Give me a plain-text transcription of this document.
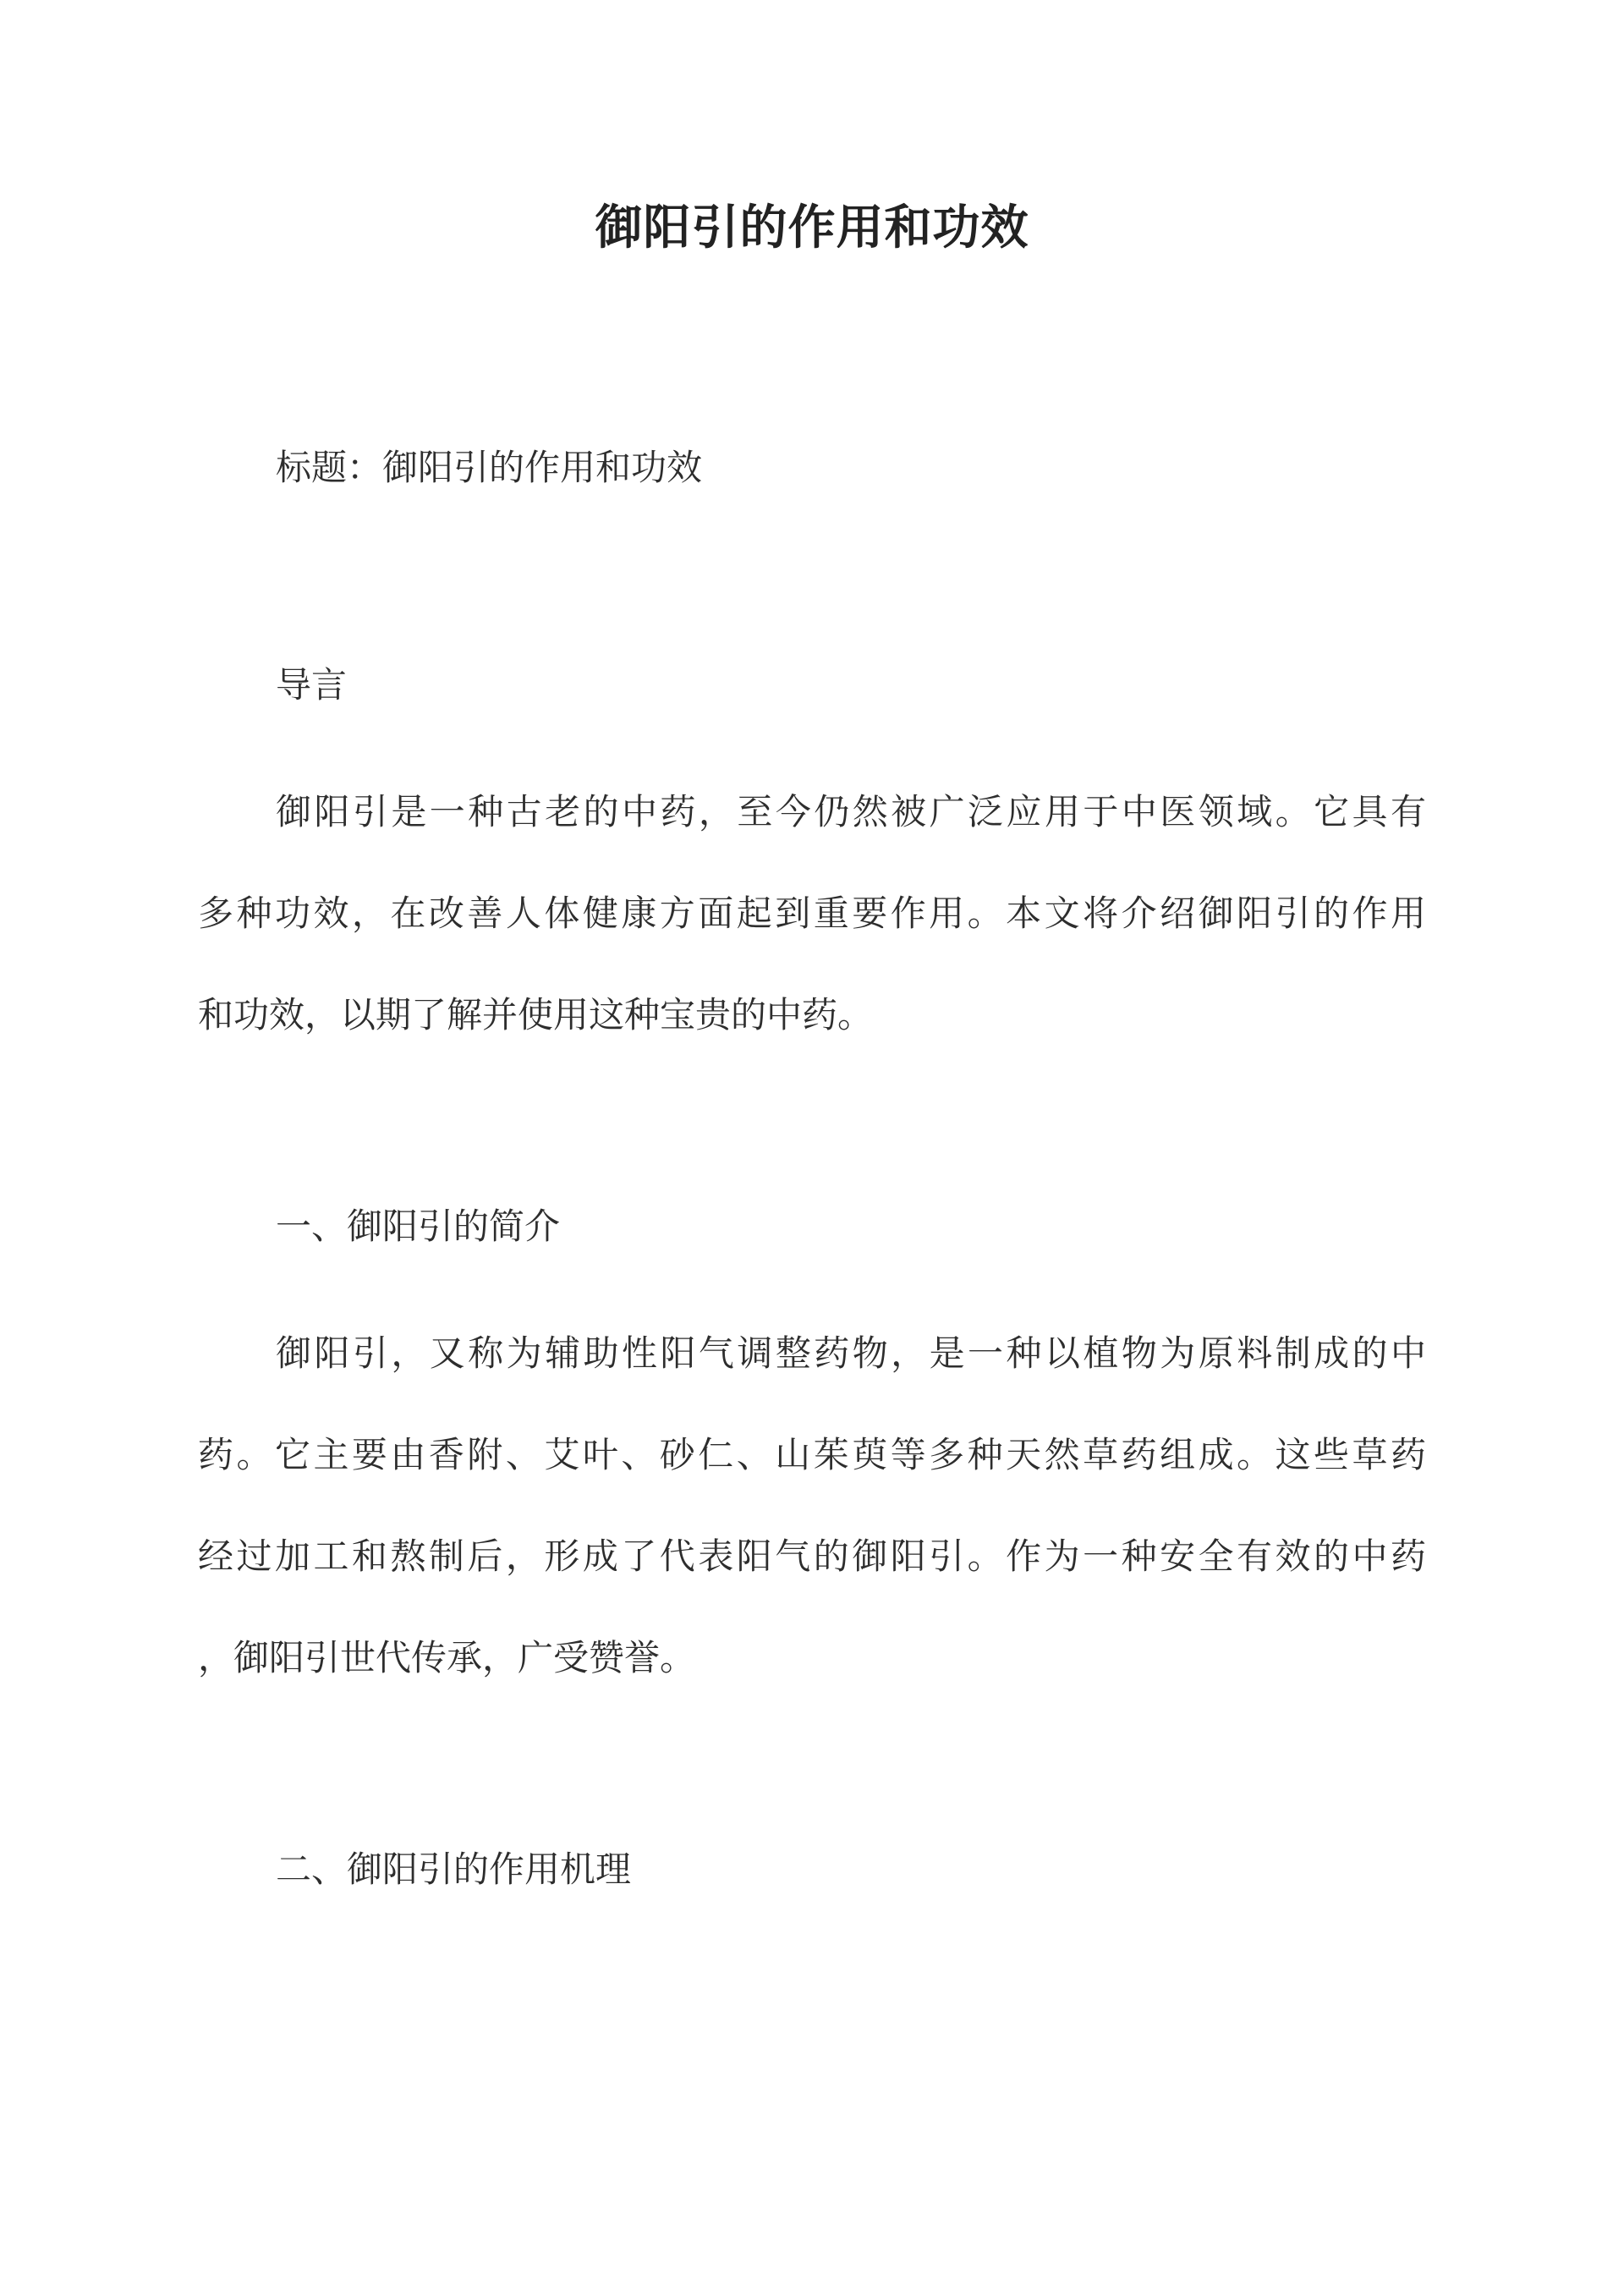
御阳引的作用和功效
标题：御阳引的作用和功效
导言
御阳引是一种古老的中药，至今仍然被广泛应用于中医领域。它具有
多种功效，在改善人体健康方面起到重要作用。本文将介绍御阳引的作用
和功效，以期了解并使用这种宝贵的中药。
一、御阳引的简介
御阳引，又称为辅助性阳气调整药物，是一种以植物为原料制成的中
药。它主要由香附、艾叶、砂仁、山茱萸等多种天然草药组成。这些草药
经过加工和熬制后，形成了代表阳气的御阳引。作为一种安全有效的中药
，御阳引世代传承，广受赞誉。
二、御阳引的作用机理
